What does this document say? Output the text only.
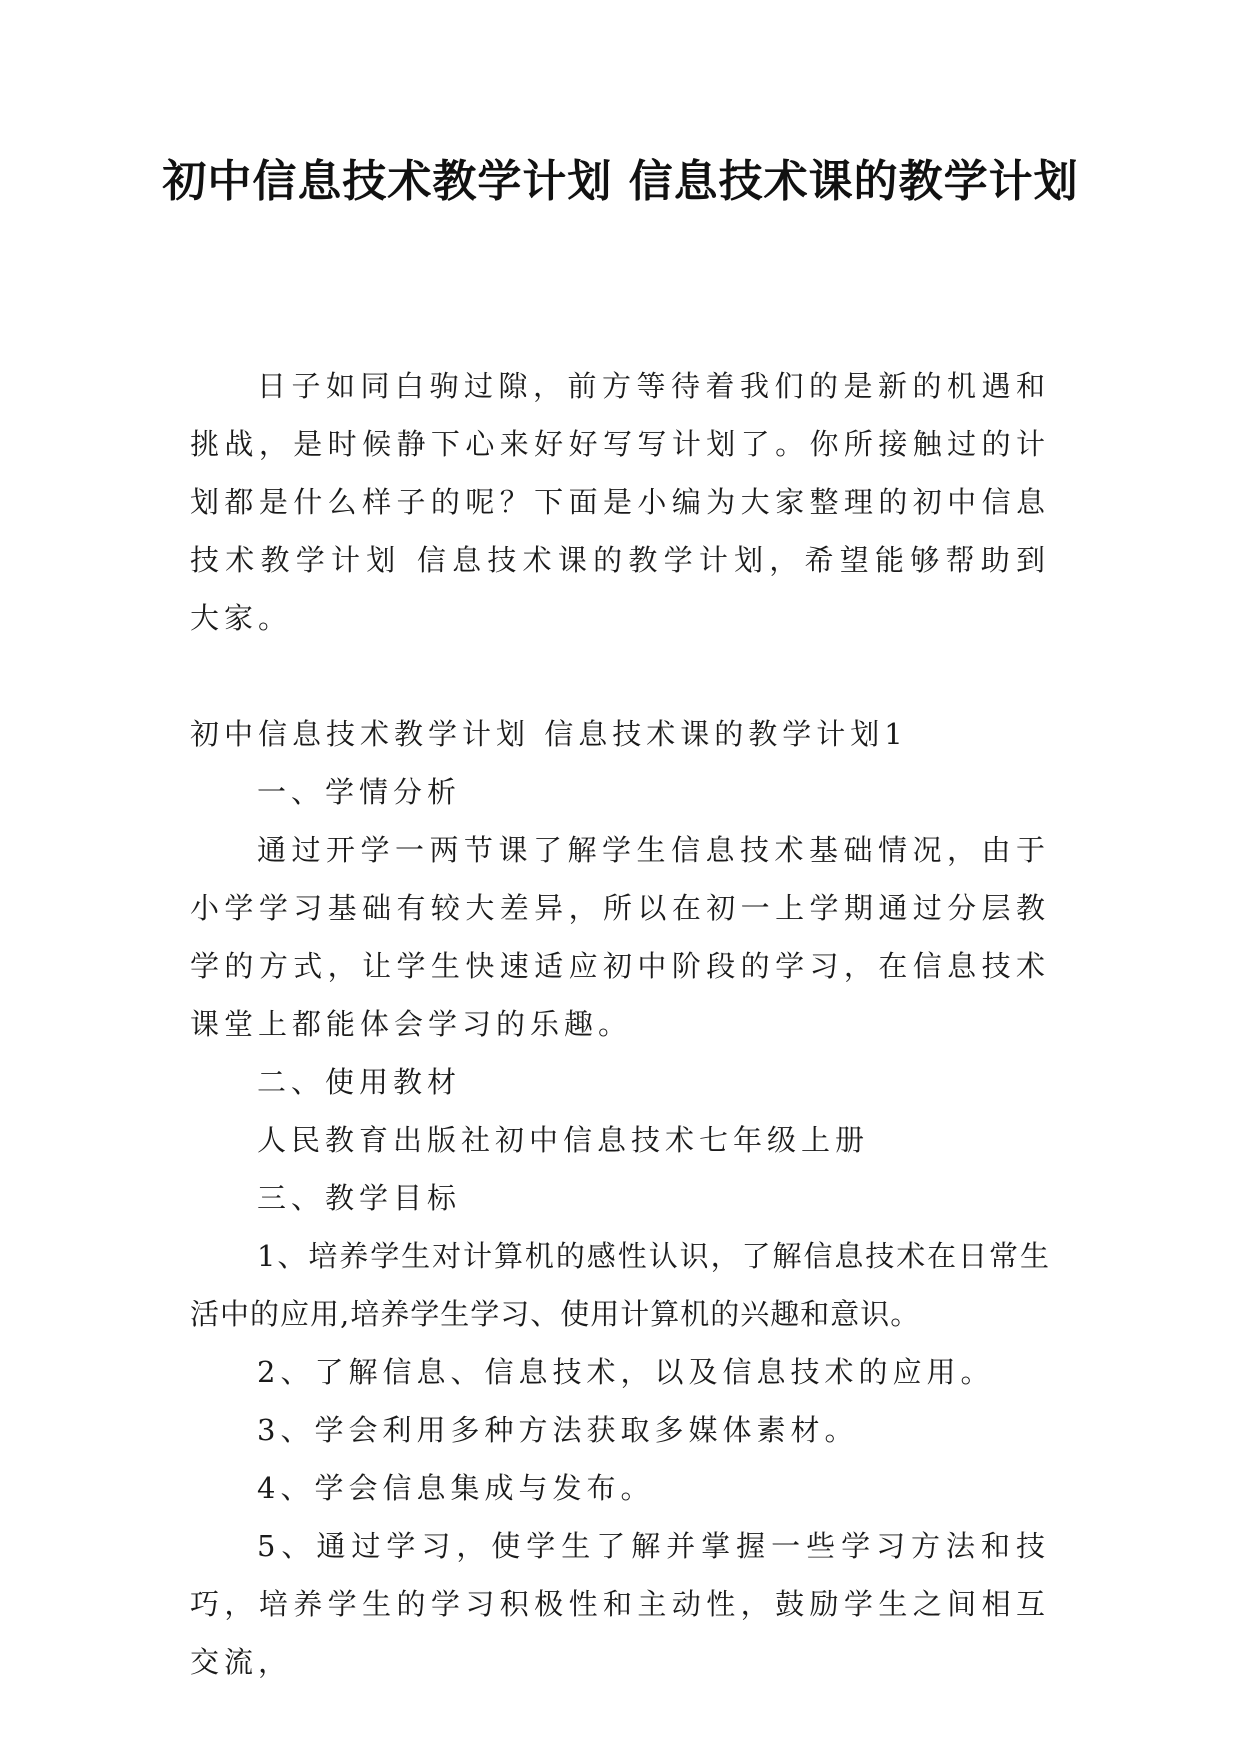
初中信息技术教学计划 信息技术课的教学计划

日子如同白驹过隙，前方等待着我们的是新的机遇和挑战，是时候静下心来好好写写计划了。你所接触过的计划都是什么样子的呢？下面是小编为大家整理的初中信息技术教学计划 信息技术课的教学计划，希望能够帮助到大家。

初中信息技术教学计划 信息技术课的教学计划1

一、学情分析

通过开学一两节课了解学生信息技术基础情况，由于小学学习基础有较大差异，所以在初一上学期通过分层教学的方式，让学生快速适应初中阶段的学习，在信息技术课堂上都能体会学习的乐趣。

二、使用教材

人民教育出版社初中信息技术七年级上册

三、教学目标

1、培养学生对计算机的感性认识，了解信息技术在日常生活中的应用,培养学生学习、使用计算机的兴趣和意识。

2、了解信息、信息技术，以及信息技术的应用。

3、学会利用多种方法获取多媒体素材。

4、学会信息集成与发布。

5、通过学习，使学生了解并掌握一些学习方法和技巧，培养学生的学习积极性和主动性，鼓励学生之间相互交流，
